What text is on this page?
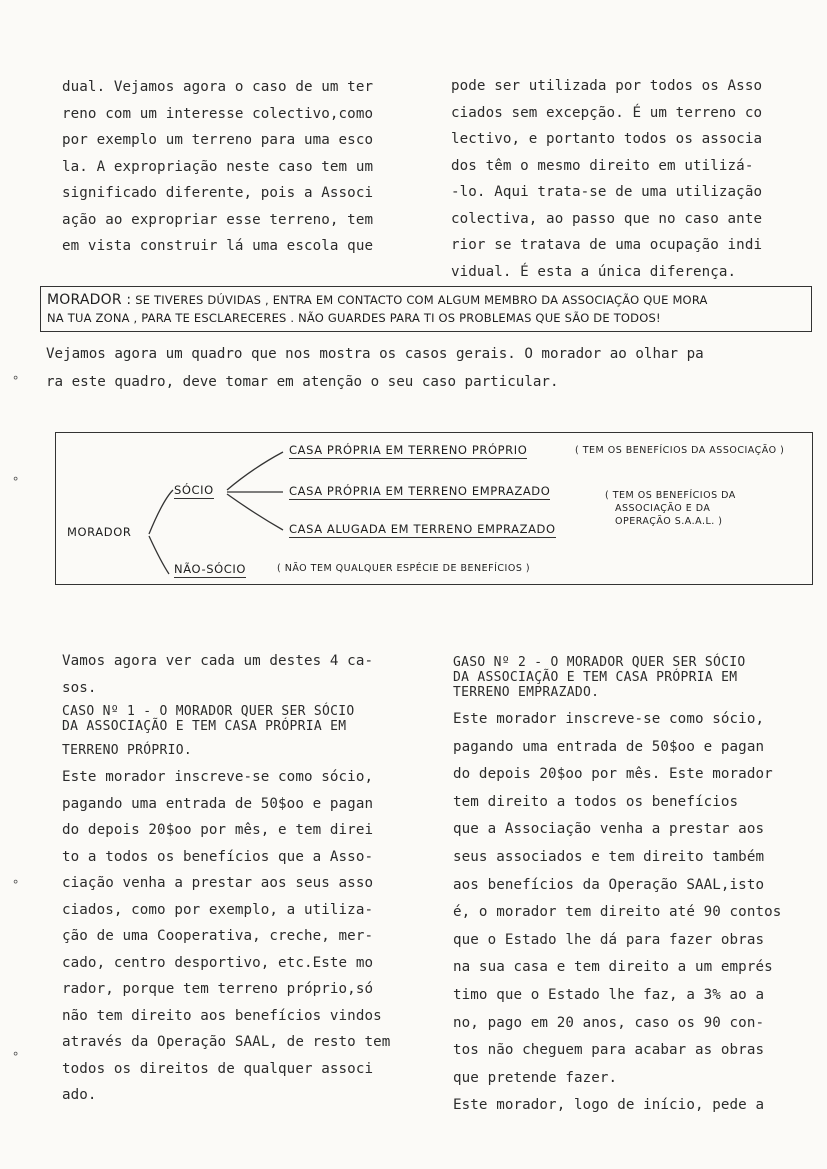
dual. Vejamos agora o caso de um ter
reno com um interesse colectivo,como
por exemplo um terreno para uma esco
la. A expropriação neste caso tem um
significado diferente, pois a Associ
ação ao expropriar esse terreno, tem
em vista construir lá uma escola que
pode ser utilizada por todos os Asso
ciados sem excepção. É um terreno co
lectivo, e portanto todos os associa
dos têm o mesmo direito em utilizá-
-lo. Aqui trata-se de uma utilização
colectiva, ao passo que no caso ante
rior se tratava de uma ocupação indi
vidual. É esta a única diferença.
MORADOR : SE TIVERES DÚVIDAS , ENTRA EM CONTACTO COM ALGUM MEMBRO DA ASSOCIAÇÃO QUE MORA
NA TUA ZONA , PARA TE ESCLARECERES . NÃO GUARDES PARA TI OS PROBLEMAS QUE SÃO DE TODOS!
Vejamos agora um quadro que nos mostra os casos gerais. O morador ao olhar pa
ra este quadro, deve tomar em atenção o seu caso particular.
MORADOR
SÓCIO
NÃO-SÓCIO	( NÃO TEM QUALQUER ESPÉCIE DE BENEFÍCIOS )
CASA PRÓPRIA EM TERRENO PRÓPRIO	( TEM OS BENEFÍCIOS DA ASSOCIAÇÃO )
CASA PRÓPRIA EM TERRENO EMPRAZADO
CASA ALUGADA EM TERRENO EMPRAZADO
( TEM OS BENEFÍCIOS DA
ASSOCIAÇÃO E DA
OPERAÇÃO S.A.A.L. )
Vamos agora ver cada um destes 4 ca-
sos.
CASO Nº 1 - O MORADOR QUER SER SÓCIO
DA ASSOCIAÇÃO E TEM CASA PRÓPRIA EM
TERRENO PRÓPRIO.
Este morador inscreve-se como sócio,
pagando uma entrada de 50$oo e pagan
do depois 20$oo por mês, e tem direi
to a todos os benefícios que a Asso-
ciação venha a prestar aos seus asso
ciados, como por exemplo, a utiliza-
ção de uma Cooperativa, creche, mer-
cado, centro desportivo, etc.Este mo
rador, porque tem terreno próprio,só
não tem direito aos benefícios vindos
através da Operação SAAL, de resto tem
todos os direitos de qualquer associ
ado.
GASO Nº 2 - O MORADOR QUER SER SÓCIO
DA ASSOCIAÇÃO E TEM CASA PRÓPRIA EM
TERRENO EMPRAZADO.
Este morador inscreve-se como sócio,
pagando uma entrada de 50$oo e pagan
do depois 20$oo por mês. Este morador
tem direito a todos os benefícios
que a Associação venha a prestar aos
seus associados e tem direito também
aos benefícios da Operação SAAL,isto
é, o morador tem direito até 90 contos
que o Estado lhe dá para fazer obras
na sua casa e tem direito a um emprés
timo que o Estado lhe faz, a 3% ao a
no, pago em 20 anos, caso os 90 con-
tos não cheguem para acabar as obras
que pretende fazer.
Este morador, logo de início, pede a
°
°
°
°
